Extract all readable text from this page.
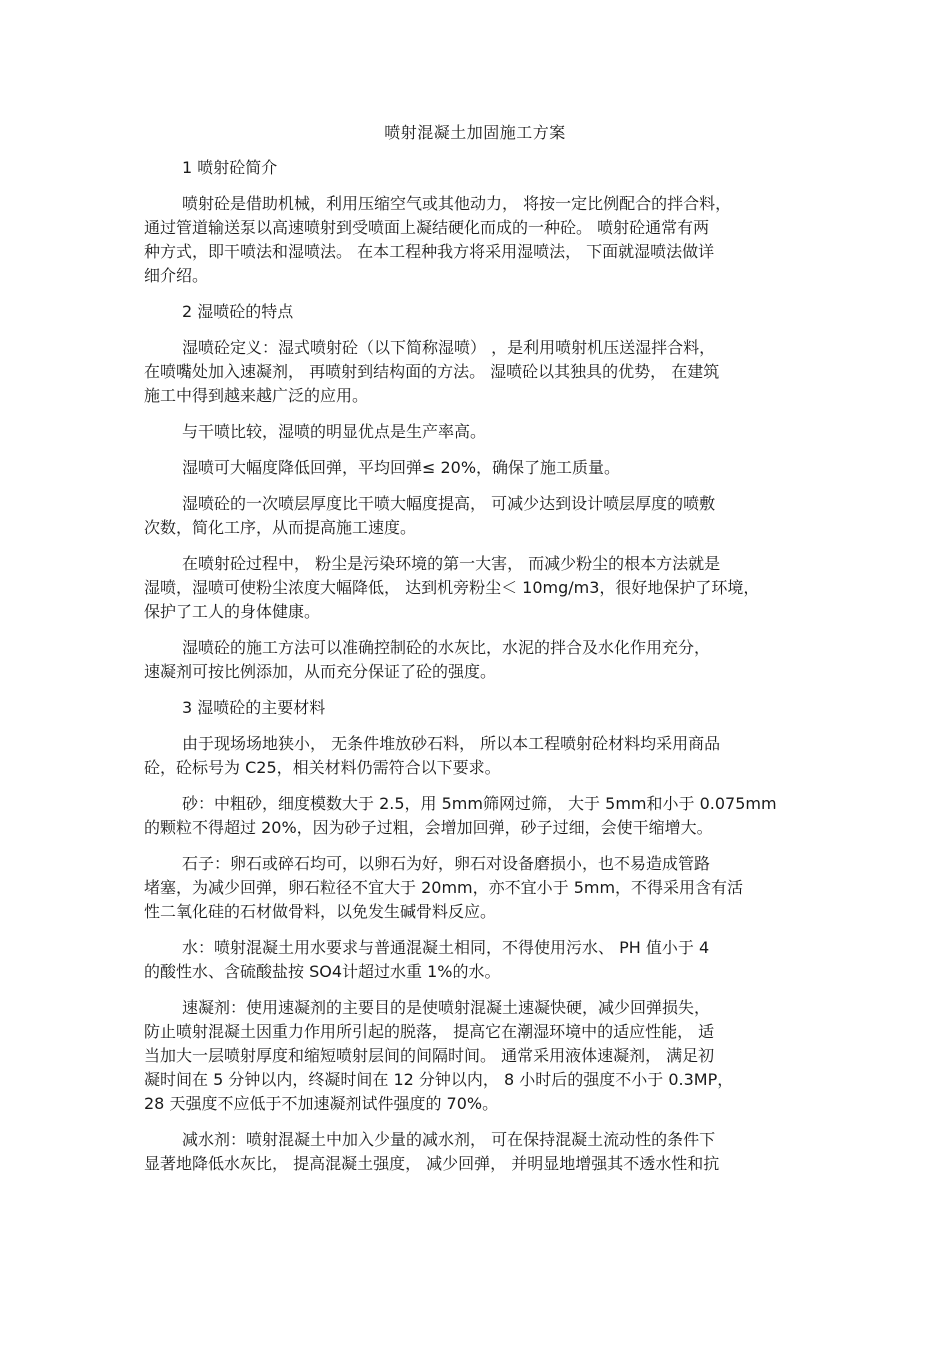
喷射混凝土加固施工方案
1 喷射砼简介
喷射砼是借助机械，利用压缩空气或其他动力， 将按一定比例配合的拌合料，
通过管道输送泵以高速喷射到受喷面上凝结硬化而成的一种砼。 喷射砼通常有两
种方式，即干喷法和湿喷法。 在本工程种我方将采用湿喷法， 下面就湿喷法做详
细介绍。
2 湿喷砼的特点
湿喷砼定义：湿式喷射砼（以下简称湿喷） ，是利用喷射机压送湿拌合料，
在喷嘴处加入速凝剂， 再喷射到结构面的方法。 湿喷砼以其独具的优势， 在建筑
施工中得到越来越广泛的应用。
与干喷比较，湿喷的明显优点是生产率高。
湿喷可大幅度降低回弹，平均回弹≤ 20%，确保了施工质量。
湿喷砼的一次喷层厚度比干喷大幅度提高， 可减少达到设计喷层厚度的喷敷
次数，简化工序，从而提高施工速度。
在喷射砼过程中， 粉尘是污染环境的第一大害， 而减少粉尘的根本方法就是
湿喷，湿喷可使粉尘浓度大幅降低， 达到机旁粉尘＜ 10mg/m3，很好地保护了环境，
保护了工人的身体健康。
湿喷砼的施工方法可以准确控制砼的水灰比，水泥的拌合及水化作用充分，
速凝剂可按比例添加，从而充分保证了砼的强度。
3 湿喷砼的主要材料
由于现场场地狭小， 无条件堆放砂石料， 所以本工程喷射砼材料均采用商品
砼，砼标号为 C25，相关材料仍需符合以下要求。
砂：中粗砂，细度模数大于 2.5，用 5mm筛网过筛， 大于 5mm和小于 0.075mm
的颗粒不得超过 20%，因为砂子过粗，会增加回弹，砂子过细，会使干缩增大。
石子：卵石或碎石均可，以卵石为好，卵石对设备磨损小，也不易造成管路
堵塞，为减少回弹，卵石粒径不宜大于 20mm，亦不宜小于 5mm，不得采用含有活
性二氧化硅的石材做骨料，以免发生碱骨料反应。
水：喷射混凝土用水要求与普通混凝土相同，不得使用污水、 PH 值小于 4
的酸性水、含硫酸盐按 SO4计超过水重 1%的水。
速凝剂：使用速凝剂的主要目的是使喷射混凝土速凝快硬，减少回弹损失，
防止喷射混凝土因重力作用所引起的脱落， 提高它在潮湿环境中的适应性能， 适
当加大一层喷射厚度和缩短喷射层间的间隔时间。 通常采用液体速凝剂， 满足初
凝时间在 5 分钟以内，终凝时间在 12 分钟以内， 8 小时后的强度不小于 0.3MP，
28 天强度不应低于不加速凝剂试件强度的 70%。
减水剂：喷射混凝土中加入少量的减水剂， 可在保持混凝土流动性的条件下
显著地降低水灰比， 提高混凝土强度， 减少回弹， 并明显地增强其不透水性和抗
